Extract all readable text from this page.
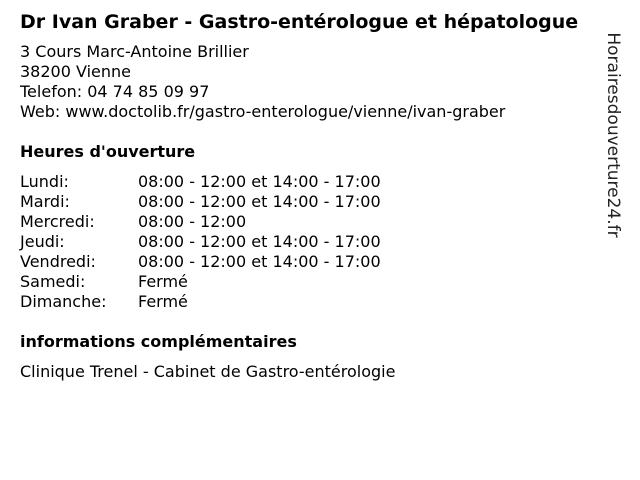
Dr Ivan Graber - Gastro-entérologue et hépatologue
3 Cours Marc-Antoine Brillier
38200 Vienne
Telefon: 04 74 85 09 97
Web: www.doctolib.fr/gastro-enterologue/vienne/ivan-graber
Heures d'ouverture
Lundi:	08:00 - 12:00 et 14:00 - 17:00
Mardi:	08:00 - 12:00 et 14:00 - 17:00
Mercredi:	08:00 - 12:00
Jeudi:	08:00 - 12:00 et 14:00 - 17:00
Vendredi:	08:00 - 12:00 et 14:00 - 17:00
Samedi:	Fermé
Dimanche:	Fermé
informations complémentaires
Clinique Trenel - Cabinet de Gastro-entérologie
Horairesdouverture24.fr
